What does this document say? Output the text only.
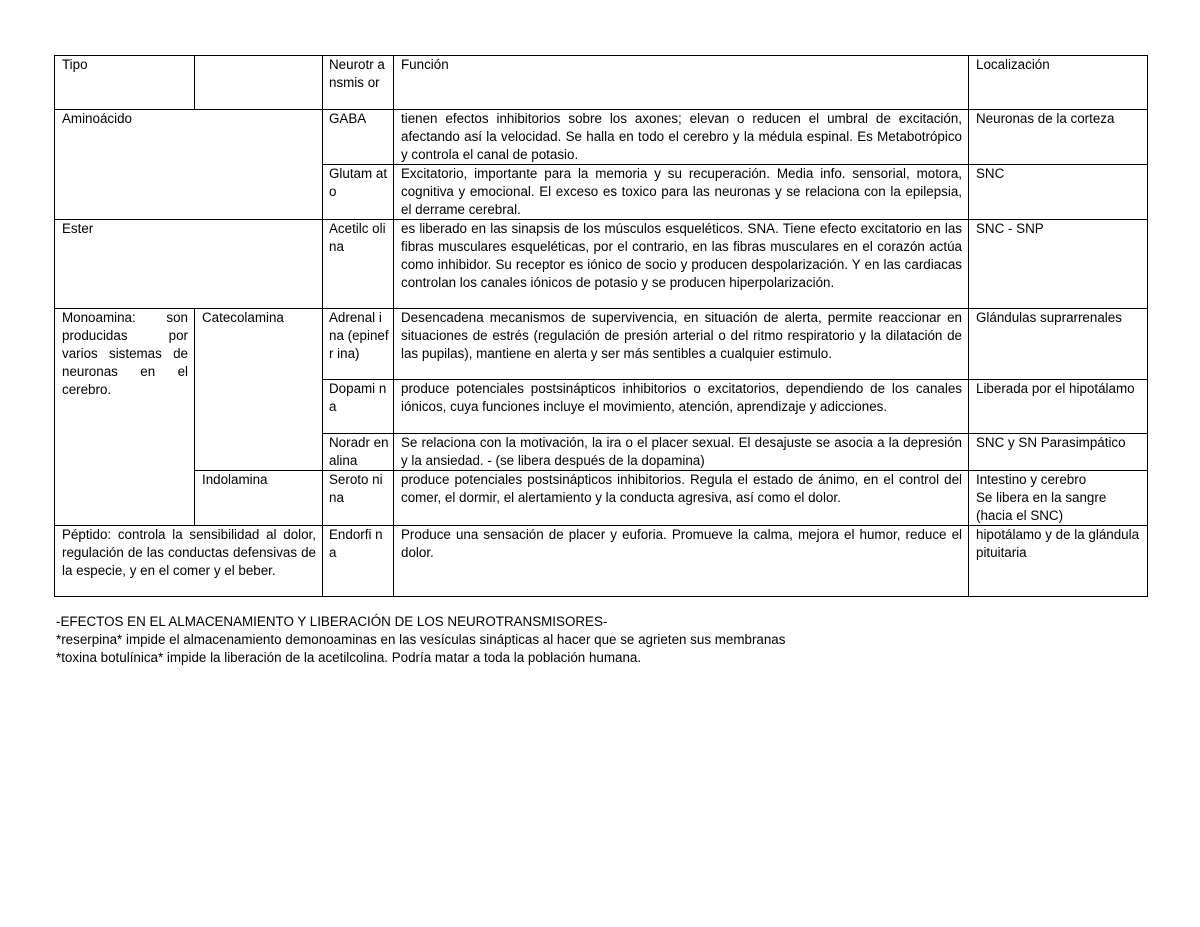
Tipo		Neurotr ansmis or	Función	Localización
Aminoácido		GABA	tienen efectos inhibitorios sobre los axones; elevan o reducen el umbral de excitación, afectando así la velocidad. Se halla en todo el cerebro y la médula espinal. Es Metabotrópico y controla el canal de potasio.	Neuronas de la corteza
		Glutam ato	Excitatorio, importante para la memoria y su recuperación. Media info. sensorial, motora, cognitiva y emocional. El exceso es toxico para las neuronas y se relaciona con la epilepsia, el derrame cerebral.	SNC
Ester		Acetilc olina	es liberado en las sinapsis de los músculos esqueléticos. SNA. Tiene efecto excitatorio en las fibras musculares esqueléticas, por el contrario, en las fibras musculares en el corazón actúa como inhibidor. Su receptor es iónico de socio y producen despolarización. Y en las cardiacas controlan los canales iónicos de potasio y se producen hiperpolarización.	SNC - SNP
Monoamina: son producidas por varios sistemas de neuronas en el cerebro.	Catecolamina	Adrenal ina (epinefr ina)	Desencadena mecanismos de supervivencia, en situación de alerta, permite reaccionar en situaciones de estrés (regulación de presión arterial o del ritmo respiratorio y la dilatación de las pupilas), mantiene en alerta y ser más sentibles a cualquier estimulo.	Glándulas suprarrenales
		Dopami na	produce potenciales postsinápticos inhibitorios o excitatorios, dependiendo de los canales iónicos, cuya funciones incluye el movimiento, atención, aprendizaje y adicciones.	Liberada por el hipotálamo
		Noradr enalina	Se relaciona con la motivación, la ira o el placer sexual. El desajuste se asocia a la depresión y la ansiedad. - (se libera después de la dopamina)	SNC y SN Parasimpático
	Indolamina	Seroto nina	produce potenciales postsinápticos inhibitorios. Regula el estado de ánimo, en el control del comer, el dormir, el alertamiento y la conducta agresiva, así como el dolor.	Intestino y cerebro
Se libera en la sangre (hacia el SNC)

Péptido: controla la sensibilidad al dolor, regulación de las conductas defensivas de la especie, y en el comer y el beber.		Endorfi na	Produce una sensación de placer y euforia. Promueve la calma, mejora el humor, reduce el dolor.	hipotálamo y de la glándula pituitaria
-EFECTOS EN EL ALMACENAMIENTO Y LIBERACIÓN DE LOS NEUROTRANSMISORES-
*reserpina* impide el almacenamiento demonoaminas en las vesículas sinápticas al hacer que se agrieten sus membranas
*toxina botulínica* impide la liberación de la acetilcolina. Podría matar a toda la población humana.
